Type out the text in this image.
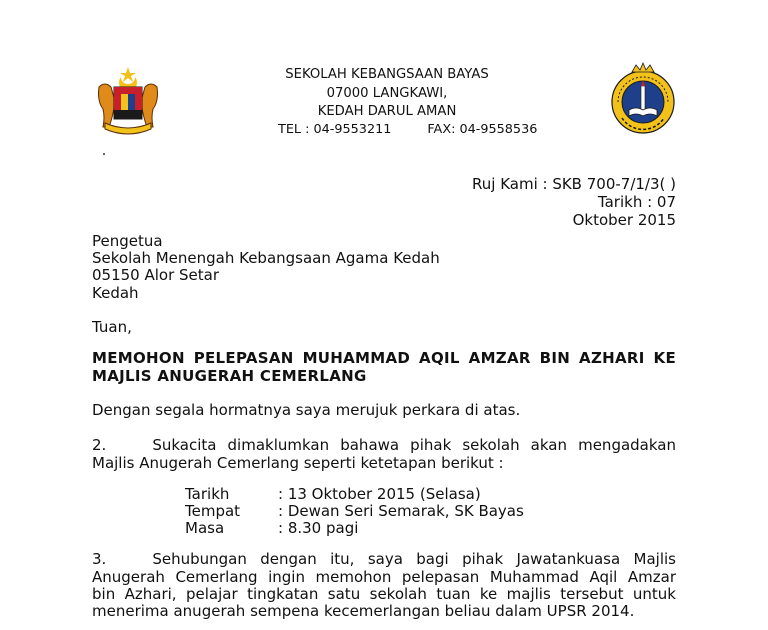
SEKOLAH KEBANGSAAN BAYAS
07000 LANGKAWI,
KEDAH DARUL AMAN
TEL : 04-9553211	FAX: 04-9558536
Ruj Kami : SKB 700-7/1/3( )
Tarikh : 07
Oktober 2015
Pengetua
Sekolah Menengah Kebangsaan Agama Kedah
05150 Alor Setar
Kedah
Tuan,
MEMOHON PELEPASAN MUHAMMAD AQIL AMZAR BIN AZHARI KE
MAJLIS ANUGERAH CEMERLANG
Dengan segala hormatnya saya merujuk perkara di atas.
2.	Sukacita dimaklumkan bahawa pihak sekolah akan mengadakan
Majlis Anugerah Cemerlang seperti ketetapan berikut :
Tarikh	: 13 Oktober 2015 (Selasa)
Tempat	: Dewan Seri Semarak, SK Bayas
Masa	: 8.30 pagi
3.	Sehubungan dengan itu, saya bagi pihak Jawatankuasa Majlis
Anugerah Cemerlang ingin memohon pelepasan Muhammad Aqil Amzar
bin Azhari, pelajar tingkatan satu sekolah tuan ke majlis tersebut untuk
menerima anugerah sempena kecemerlangan beliau dalam UPSR 2014.
